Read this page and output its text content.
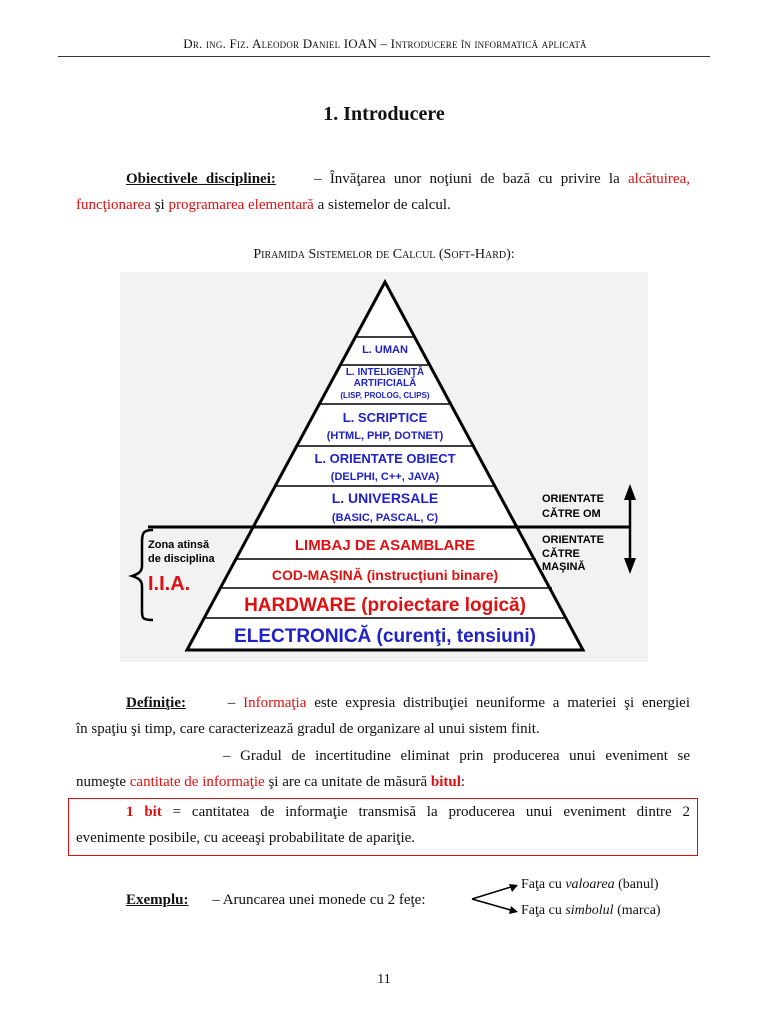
Dr. ing. Fiz. Aleodor Daniel IOAN – Introducere în informatică aplicată
1. Introducere
Obiectivele disciplinei:	– Învăţarea unor noţiuni de bază cu privire la alcătuirea,
funcţionarea şi programarea elementară a sistemelor de calcul.
Piramida Sistemelor de Calcul (Soft-Hard):
L. UMAN
L. INTELIGENŢĂ
ARTIFICIALĂ
(LISP, PROLOG, CLIPS)
L. SCRIPTICE
(HTML, PHP, DOTNET)
L. ORIENTATE OBIECT
(DELPHI, C++, JAVA)
L. UNIVERSALE
(BASIC, PASCAL, C)
LIMBAJ DE ASAMBLARE
COD-MAŞINĂ (instrucţiuni binare)
HARDWARE (proiectare logică)
ELECTRONICĂ (curenţi, tensiuni)
ORIENTATE
CĂTRE OM
ORIENTATE
CĂTRE
MAŞINĂ
Zona atinsă
de disciplina
I.I.A.
Definiţie:	– Informaţia este expresia distribuţiei neuniforme a materiei şi energiei
în spaţiu şi timp, care caracterizează gradul de organizare al unui sistem finit.
– Gradul de incertitudine eliminat prin producerea unui eveniment se
numeşte cantitate de informaţie şi are ca unitate de măsură bitul:
1 bit = cantitatea de informaţie transmisă la producerea unui eveniment dintre 2
evenimente posibile, cu aceeaşi probabilitate de apariţie.
Exemplu: – Aruncarea unei monede cu 2 feţe:
Faţa cu valoarea (banul)
Faţa cu simbolul (marca)
11
